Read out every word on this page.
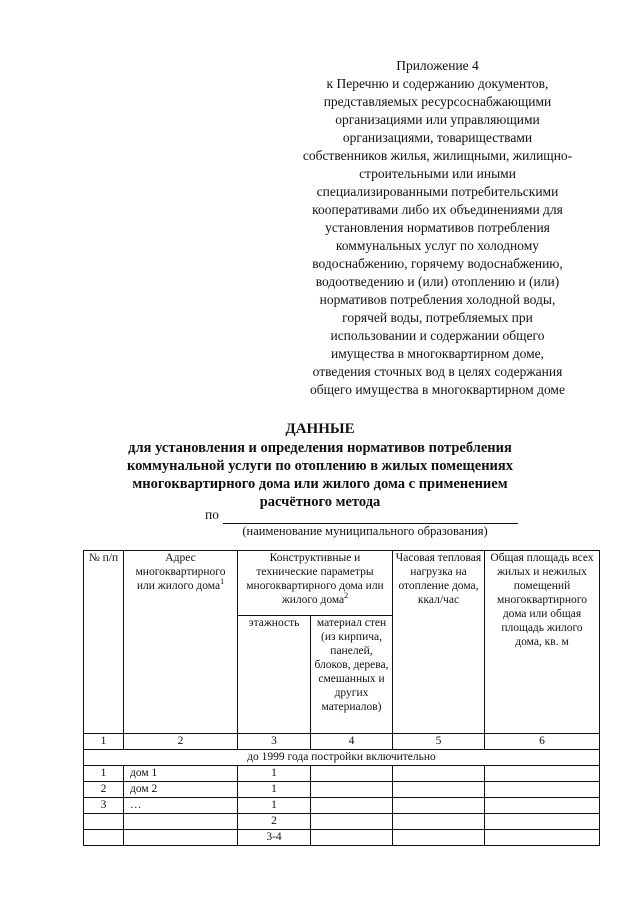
Приложение 4
к Перечню и содержанию документов,
представляемых ресурсоснабжающими
организациями или управляющими
организациями, товариществами
собственников жилья, жилищными, жилищно-
строительными или иными
специализированными потребительскими
кооперативами либо их объединениями для
установления нормативов потребления
коммунальных услуг по холодному
водоснабжению, горячему водоснабжению,
водоотведению и (или) отоплению и (или)
нормативов потребления холодной воды,
горячей воды, потребляемых при
использовании и содержании общего
имущества в многоквартирном доме,
отведения сточных вод в целях содержания
общего имущества в многоквартирном доме
ДАННЫЕ
для установления и определения нормативов потребления
коммунальной услуги по отоплению в жилых помещениях
многоквартирного дома или жилого дома с применением
расчётного метода
по
(наименование муниципального образования)
№ п/п	Адрес многоквартирного или жилого дома$^1$	Конструктивные и технические параметры многоквартирного дома или жилого дома$^2$		Часовая тепловая нагрузка на отопление дома, ккал/час	Общая площадь всех жилых и нежилых помещений многоквартирного дома или общая площадь жилого дома, кв. м
		этажность	материал стен (из кирпича, панелей, блоков, дерева, смешанных и других материалов)		
1	2	3	4	5	6
до 1999 года постройки включительно					
1	дом 1	1			
2	дом 2	1			
3	…	1			
		2			
		3-4			
